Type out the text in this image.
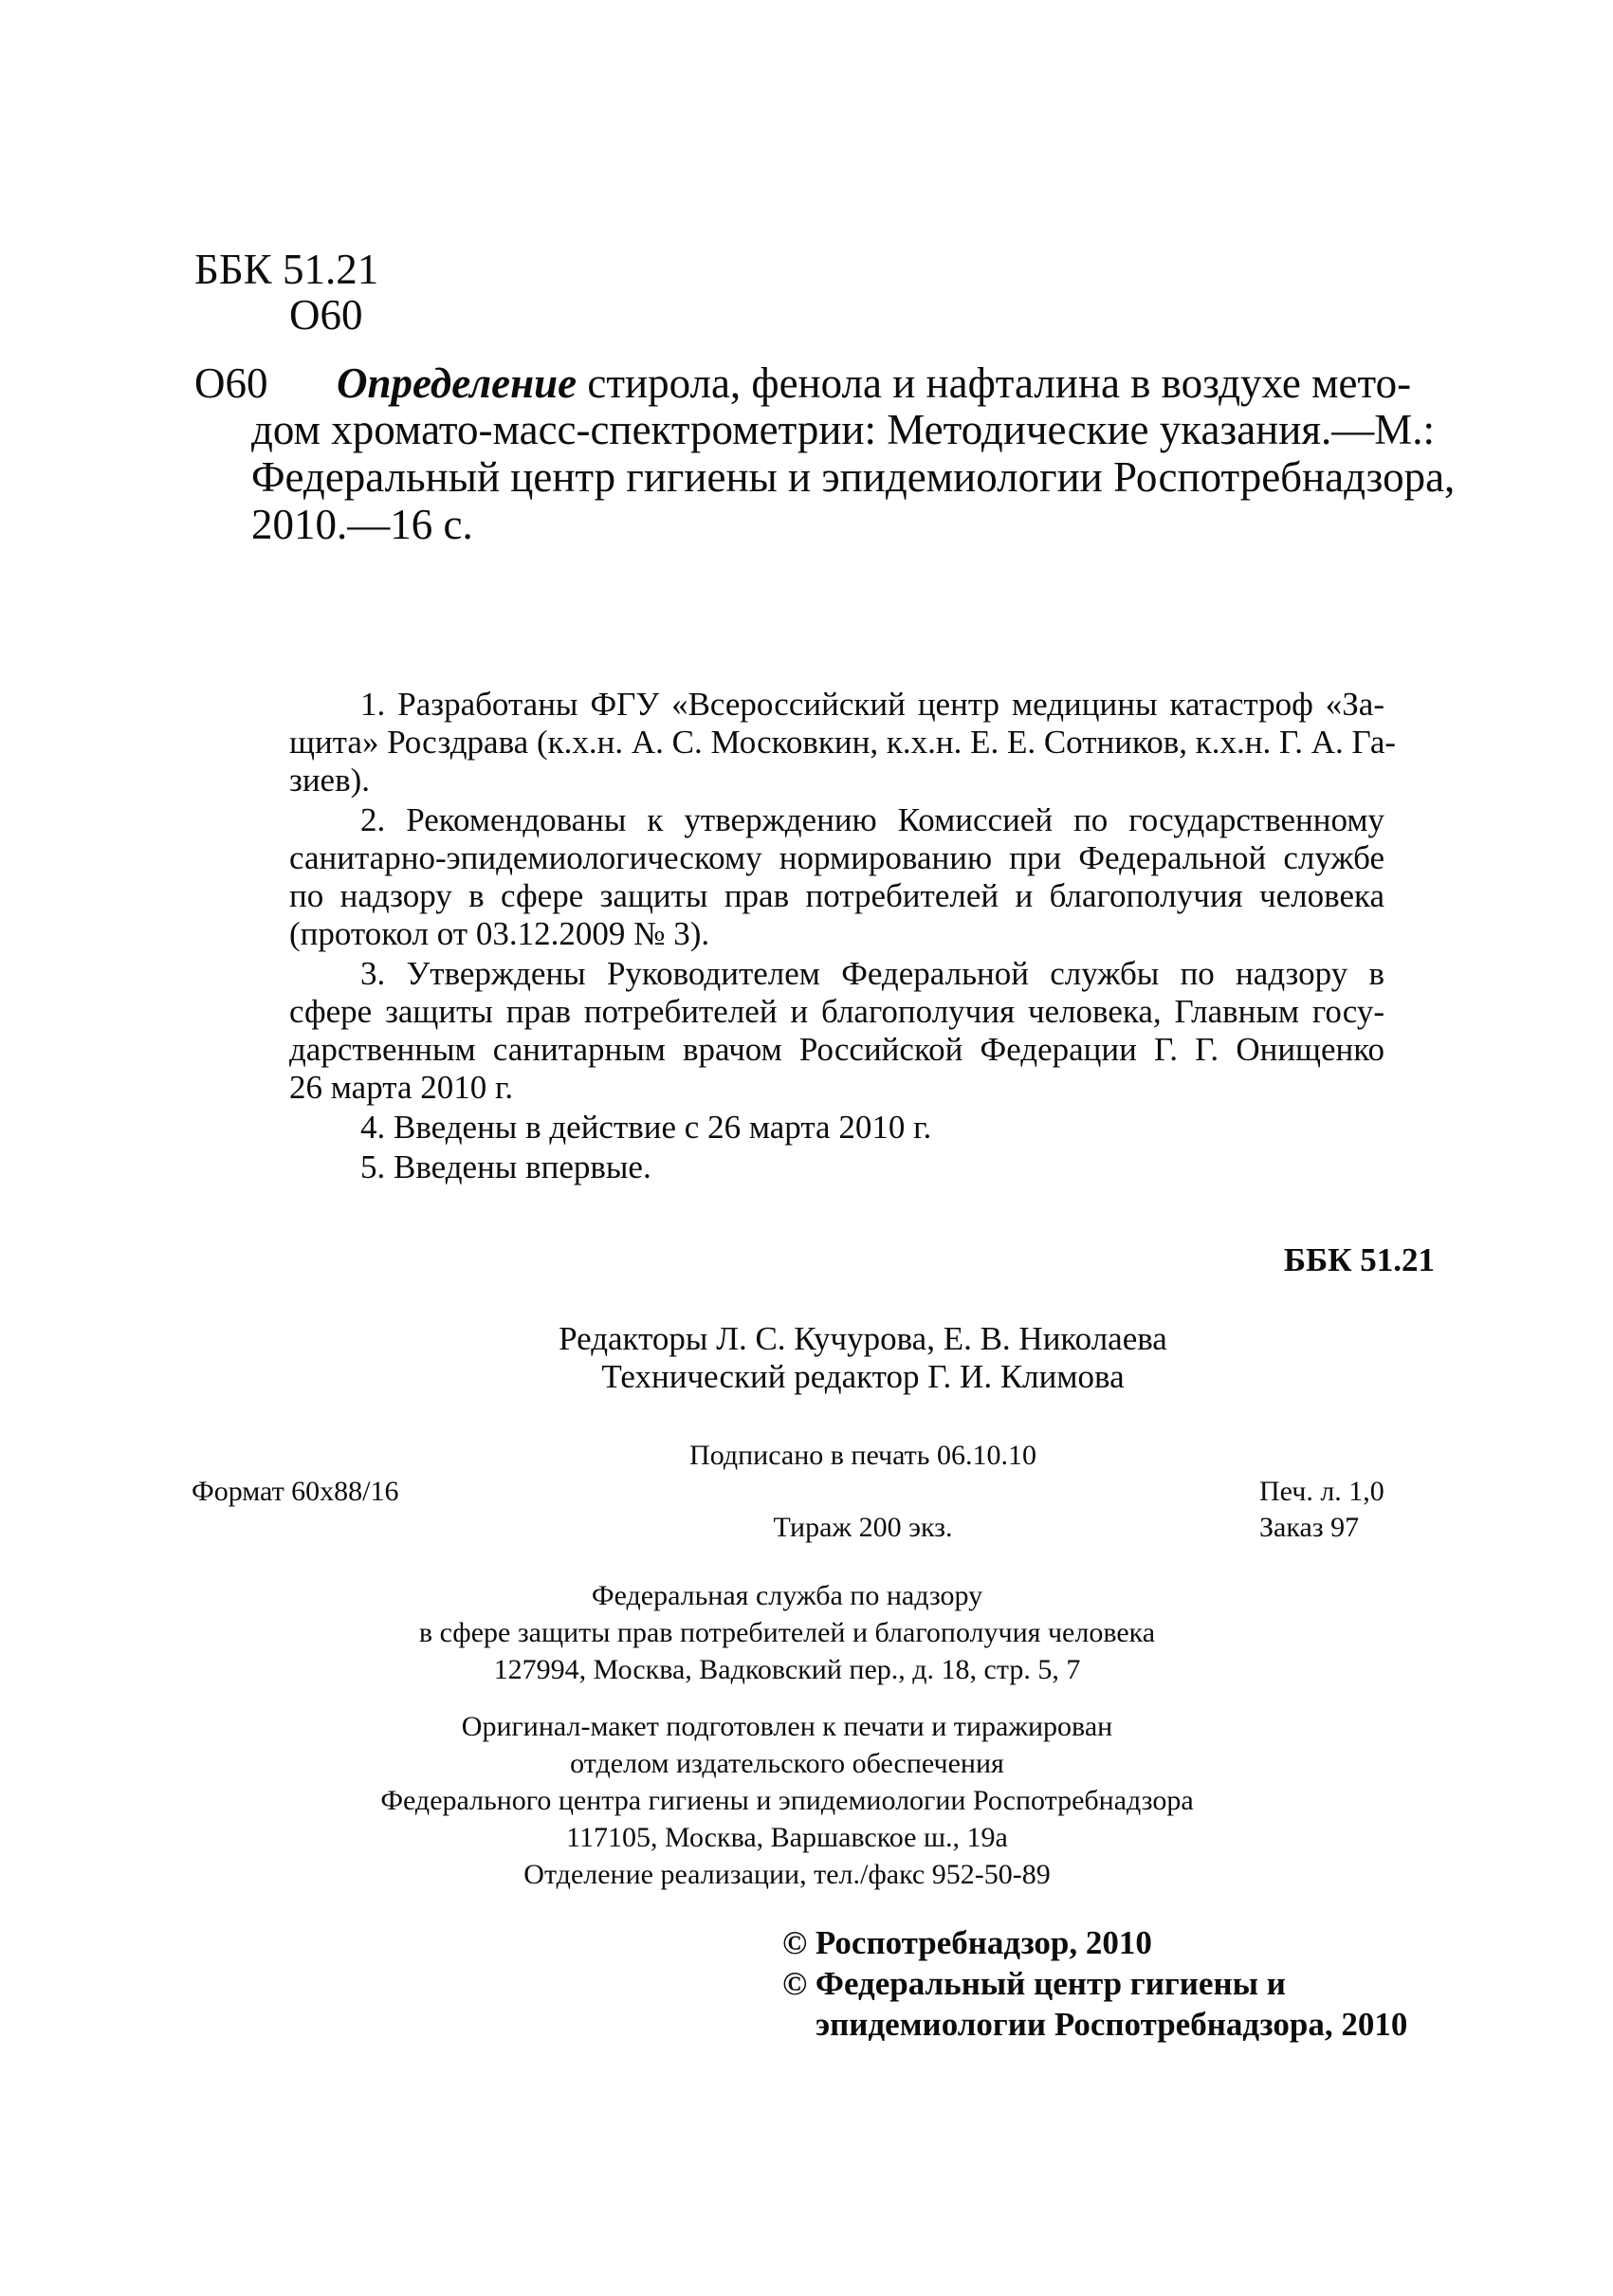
ББК 51.21
О60
О60 Определение стирола, фенола и нафталина в воздухе мето-
дом хромато-масс-спектрометрии: Методические указания.—М.:
Федеральный центр гигиены и эпидемиологии Роспотребнадзора,
2010.—16 с.
1. Разработаны ФГУ «Всероссийский центр медицины катастроф «За-
щита» Росздрава (к.х.н. А. С. Московкин, к.х.н. Е. Е. Сотников, к.х.н. Г. А. Га-
зиев).
2. Рекомендованы к утверждению Комиссией по государственному
санитарно-эпидемиологическому нормированию при Федеральной службе
по надзору в сфере защиты прав потребителей и благополучия человека
(протокол от 03.12.2009 № 3).
3. Утверждены Руководителем Федеральной службы по надзору в
сфере защиты прав потребителей и благополучия человека, Главным госу-
дарственным санитарным врачом Российской Федерации Г. Г. Онищенко
26 марта 2010 г.
4. Введены в действие с 26 марта 2010 г.
5. Введены впервые.
ББК 51.21
Редакторы Л. С. Кучурова, Е. В. Николаева
Технический редактор Г. И. Климова
Подписано в печать 06.10.10
Формат 60x88/16	Печ. л. 1,0
Тираж 200 экз.	Заказ 97
Федеральная служба по надзору
в сфере защиты прав потребителей и благополучия человека
127994, Москва, Вадковский пер., д. 18, стр. 5, 7
Оригинал-макет подготовлен к печати и тиражирован
отделом издательского обеспечения
Федерального центра гигиены и эпидемиологии Роспотребнадзора
117105, Москва, Варшавское ш., 19а
Отделение реализации, тел./факс 952-50-89
© Роспотребнадзор, 2010
© Федеральный центр гигиены и
эпидемиологии Роспотребнадзора, 2010
